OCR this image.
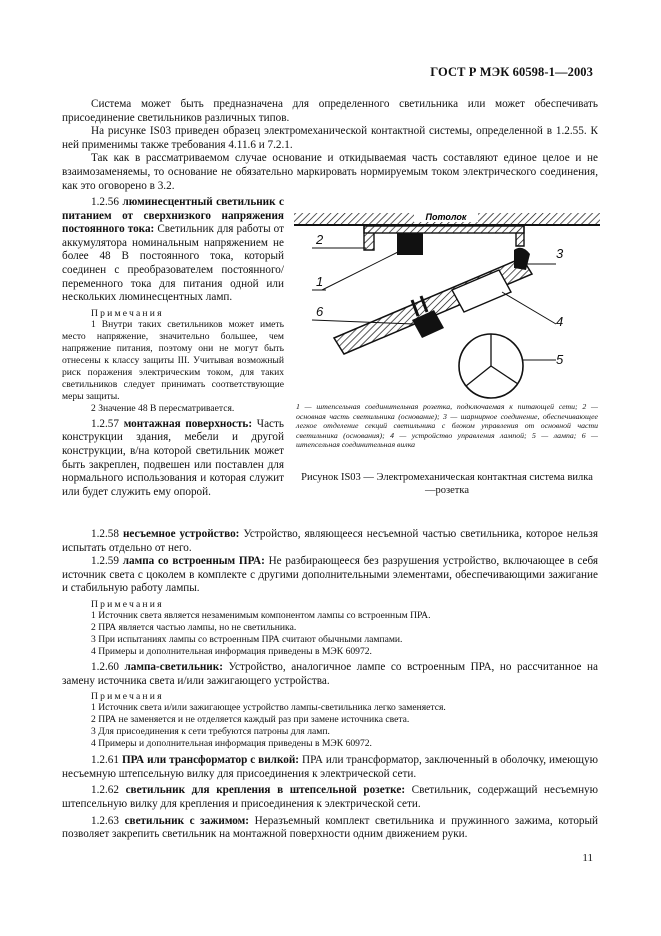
ГОСТ Р МЭК 60598-1—2003

Система может быть предназначена для определенного светильника или может обеспечивать присоединение светильников различных типов.

На рисунке IS03 приведен образец электромеханической контактной системы, определенной в 1.2.55. К ней применимы также требования 4.11.6 и 7.2.1.

Так как в рассматриваемом случае основание и откидываемая часть составляют единое целое и не взаимозаменяемы, то основание не обязательно маркировать нормируемым током электрического соединения, как это оговорено в 3.2.

1.2.56 люминесцентный светильник с питанием от сверхнизкого напряжения постоянного тока: Светильник для работы от аккумулятора номинальным напряжением не более 48 В постоянного тока, который соединен с преобразователем постоянного/переменного тока для питания одной или нескольких люминесцентных ламп.

Примечания

1 Внутри таких светильников может иметь место напряжение, значительно большее, чем напряжение питания, поэтому они не могут быть отнесены к классу защиты III. Учитывая возможный риск поражения электрическим током, для таких светильников следует принимать соответствующие меры защиты.

2 Значение 48 В пересматривается.

1.2.57 монтажная поверхность: Часть конструкции здания, мебели и другой конструкции, в/на которой светильник может быть закреплен, подвешен или поставлен для нормального использования и которая служит или будет служить ему опорой.

Потолок
1
2
3
4
5
6

1 — штепсельная соединительная розетка, подключаемая к питающей сети; 2 — основная часть светильника (основание); 3 — шарнирное соединение, обеспечивающее легкое отделение секций светильника с блоком управления от основной части светильника (основания); 4 — устройство управления лампой; 5 — лампа; 6 — штепсельная соединительная вилка

Рисунок IS03 — Электромеханическая контактная система вилка—розетка

1.2.58 несъемное устройство: Устройство, являющееся несъемной частью светильника, которое нельзя испытать отдельно от него.

1.2.59 лампа со встроенным ПРА: Не разбирающееся без разрушения устройство, включающее в себя источник света с цоколем в комплекте с другими дополнительными элементами, обеспечивающими зажигание и стабильную работу лампы.

Примечания

1 Источник света является незаменимым компонентом лампы со встроенным ПРА.

2 ПРА является частью лампы, но не светильника.

3 При испытаниях лампы со встроенным ПРА считают обычными лампами.

4 Примеры и дополнительная информация приведены в МЭК 60972.

1.2.60 лампа-светильник: Устройство, аналогичное лампе со встроенным ПРА, но рассчитанное на замену источника света и/или зажигающего устройства.

Примечания

1 Источник света и/или зажигающее устройство лампы-светильника легко заменяется.

2 ПРА не заменяется и не отделяется каждый раз при замене источника света.

3 Для присоединения к сети требуются патроны для ламп.

4 Примеры и дополнительная информация приведены в МЭК 60972.

1.2.61 ПРА или трансформатор с вилкой: ПРА или трансформатор, заключенный в оболочку, имеющую несъемную штепсельную вилку для присоединения к электрической сети.

1.2.62 светильник для крепления в штепсельной розетке: Светильник, содержащий несъемную штепсельную вилку для крепления и присоединения к электрической сети.

1.2.63 светильник с зажимом: Неразъемный комплект светильника и пружинного зажима, который позволяет закрепить светильник на монтажной поверхности одним движением руки.

11
